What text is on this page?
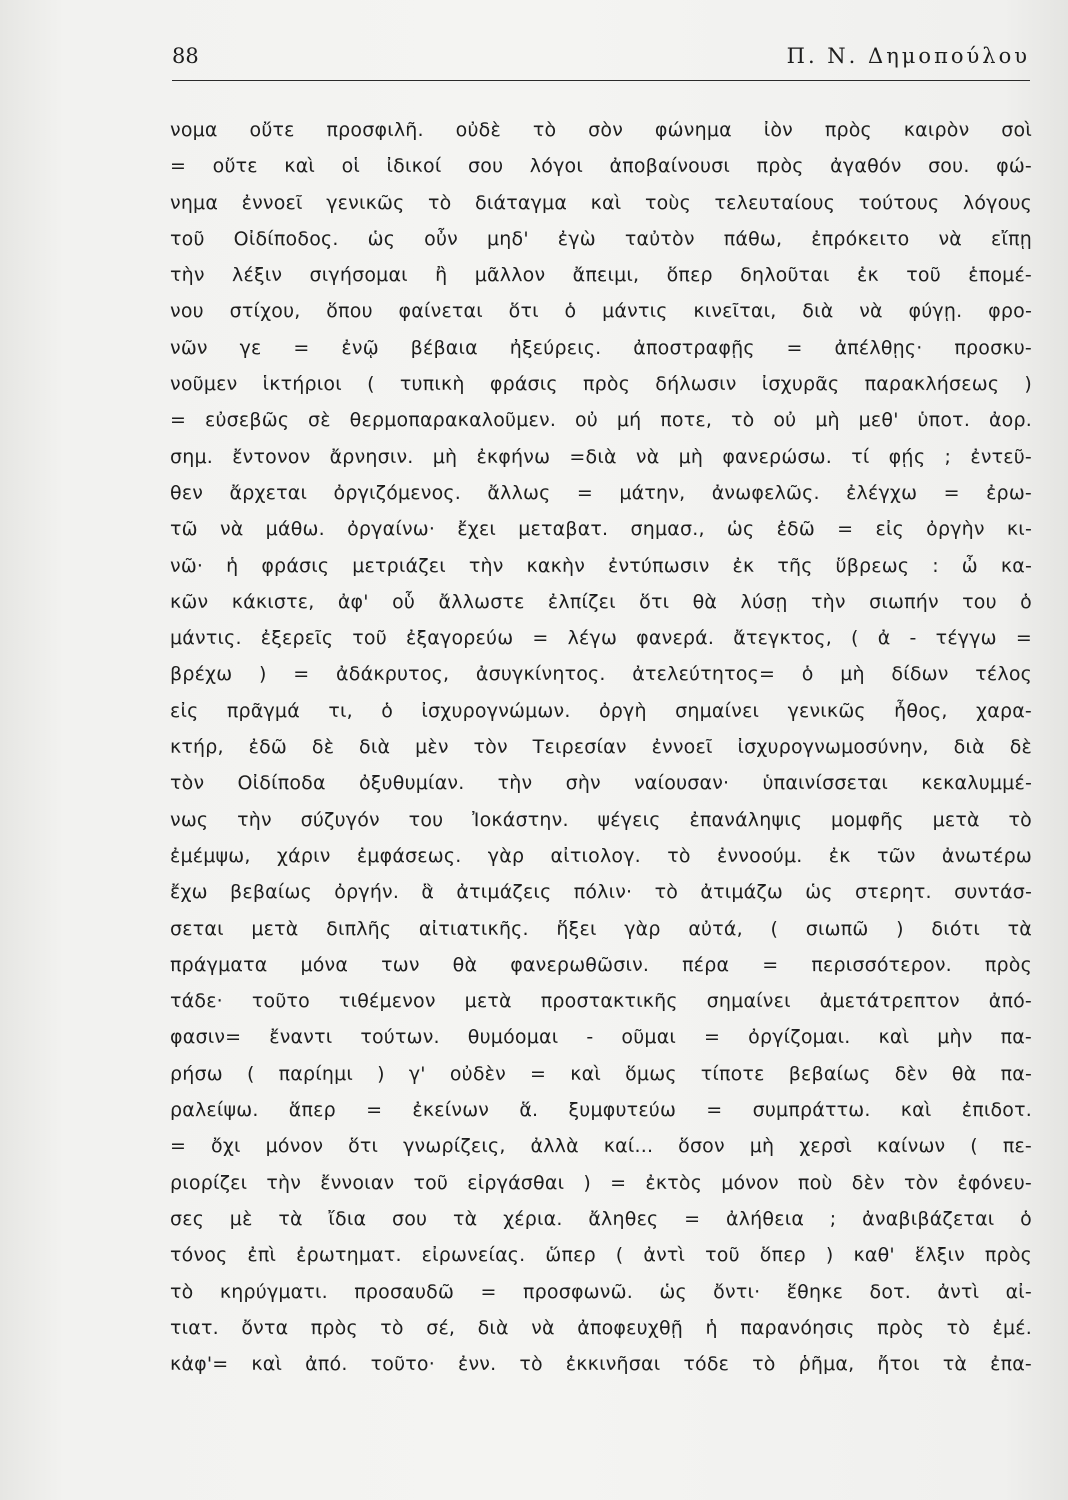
88	Π. Ν. Δημοπούλου
νομα οὔτε προσφιλῆ. οὐδὲ τὸ σὸν φώνημα ἰὸν πρὸς καιρὸν σοὶ
= οὔτε καὶ οἱ ἰδικοί σου λόγοι ἀποβαίνουσι πρὸς ἀγαθόν σου. φώ-
νημα ἐννοεῖ γενικῶς τὸ διάταγμα καὶ τοὺς τελευταίους τούτους λόγους
τοῦ Οἰδίποδος. ὡς οὖν μηδ' ἐγὼ ταὐτὸν πάθω, ἐπρόκειτο νὰ εἴπῃ
τὴν λέξιν σιγήσομαι ἢ μᾶλλον ἄπειμι, ὅπερ δηλοῦται ἐκ τοῦ ἑπομέ-
νου στίχου, ὅπου φαίνεται ὅτι ὁ μάντις κινεῖται, διὰ νὰ φύγῃ. φρο-
νῶν γε = ἐνῷ βέβαια ἠξεύρεις. ἀποστραφῇς = ἀπέλθῃς· προσκυ-
νοῦμεν ἱκτήριοι ( τυπικὴ φράσις πρὸς δήλωσιν ἰσχυρᾶς παρακλήσεως )
= εὐσεβῶς σὲ θερμοπαρακαλοῦμεν. οὐ μή ποτε, τὸ οὐ μὴ μεθ' ὑποτ. ἀορ.
σημ. ἔντονον ἄρνησιν. μὴ ἐκφήνω =διὰ νὰ μὴ φανερώσω. τί φῄς ; ἐντεῦ-
θεν ἄρχεται ὀργιζόμενος. ἄλλως = μάτην, ἀνωφελῶς. ἐλέγχω = ἐρω-
τῶ νὰ μάθω. ὀργαίνω· ἔχει μεταβατ. σημασ., ὡς ἐδῶ = εἰς ὀργὴν κι-
νῶ· ἡ φράσις μετριάζει τὴν κακὴν ἐντύπωσιν ἐκ τῆς ὕβρεως : ὦ κα-
κῶν κάκιστε, ἀφ' οὗ ἄλλωστε ἐλπίζει ὅτι θὰ λύσῃ τὴν σιωπήν του ὁ
μάντις. ἐξερεῖς τοῦ ἐξαγορεύω = λέγω φανερά. ἄτεγκτος, ( ἀ - τέγγω =
βρέχω ) = ἀδάκρυτος, ἀσυγκίνητος. ἀτελεύτητος= ὁ μὴ δίδων τέλος
εἰς πρᾶγμά τι, ὁ ἰσχυρογνώμων. ὀργὴ σημαίνει γενικῶς ἦθος, χαρα-
κτήρ, ἐδῶ δὲ διὰ μὲν τὸν Τειρεσίαν ἐννοεῖ ἰσχυρογνωμοσύνην, διὰ δὲ
τὸν Οἰδίποδα ὀξυθυμίαν. τὴν σὴν ναίουσαν· ὑπαινίσσεται κεκαλυμμέ-
νως τὴν σύζυγόν του Ἰοκάστην. ψέγεις ἐπανάληψις μομφῆς μετὰ τὸ
ἐμέμψω, χάριν ἐμφάσεως. γὰρ αἰτιολογ. τὸ ἐννοούμ. ἐκ τῶν ἀνωτέρω
ἔχω βεβαίως ὀργήν. ἃ ἀτιμάζεις πόλιν· τὸ ἀτιμάζω ὡς στερητ. συντάσ-
σεται μετὰ διπλῆς αἰτιατικῆς. ἥξει γὰρ αὐτά, ( σιωπῶ ) διότι τὰ
πράγματα μόνα των θὰ φανερωθῶσιν. πέρα = περισσότερον. πρὸς
τάδε· τοῦτο τιθέμενον μετὰ προστακτικῆς σημαίνει ἀμετάτρεπτον ἀπό-
φασιν= ἔναντι τούτων. θυμόομαι - οῦμαι = ὀργίζομαι. καὶ μὴν πα-
ρήσω ( παρίημι ) γ' οὐδὲν = καὶ ὅμως τίποτε βεβαίως δὲν θὰ πα-
ραλείψω. ἅπερ = ἐκείνων ἅ. ξυμφυτεύω = συμπράττω. καὶ ἐπιδοτ.
= ὄχι μόνον ὅτι γνωρίζεις, ἀλλὰ καί... ὅσον μὴ χερσὶ καίνων ( πε-
ριορίζει τὴν ἔννοιαν τοῦ εἰργάσθαι ) = ἐκτὸς μόνον ποὺ δὲν τὸν ἐφόνευ-
σες μὲ τὰ ἴδια σου τὰ χέρια. ἄληθες = ἀλήθεια ; ἀναβιβάζεται ὁ
τόνος ἐπὶ ἐρωτηματ. εἰρωνείας. ὥπερ ( ἀντὶ τοῦ ὅπερ ) καθ' ἕλξιν πρὸς
τὸ κηρύγματι. προσαυδῶ = προσφωνῶ. ὡς ὄντι· ἕθηκε δοτ. ἀντὶ αἰ-
τιατ. ὄντα πρὸς τὸ σέ, διὰ νὰ ἀποφευχθῇ ἡ παρανόησις πρὸς τὸ ἐμέ.
κἀφ'= καὶ ἀπό. τοῦτο· ἐνν. τὸ ἐκκινῆσαι τόδε τὸ ῥῆμα, ἤτοι τὰ ἐπα-
